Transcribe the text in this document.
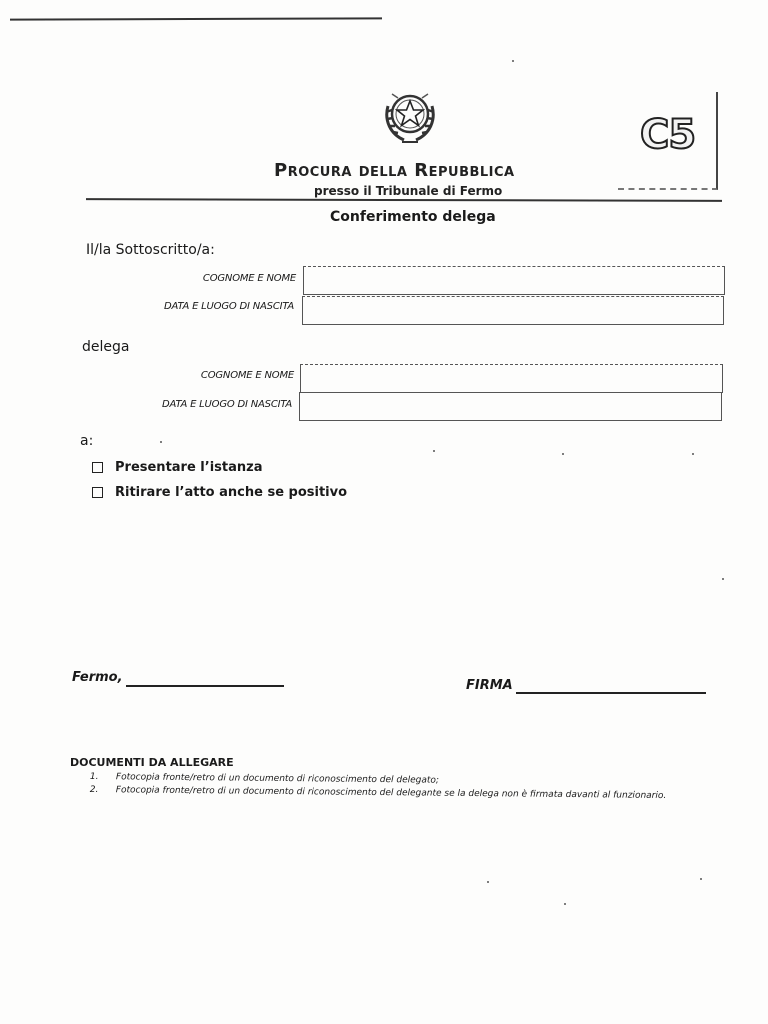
C5
Procura della Repubblica
presso il Tribunale di Fermo
Conferimento delega
Il/la Sottoscritto/a:
COGNOME E NOME
DATA E LUOGO DI NASCITA
delega
COGNOME E NOME
DATA E LUOGO DI NASCITA
a:
Presentare l’istanza
Ritirare l’atto anche se positivo
Fermo,
FIRMA
DOCUMENTI DA ALLEGARE
1.	Fotocopia fronte/retro di un documento di riconoscimento del delegato;
2.	Fotocopia fronte/retro di un documento di riconoscimento del delegante se la delega non è firmata davanti al funzionario.
